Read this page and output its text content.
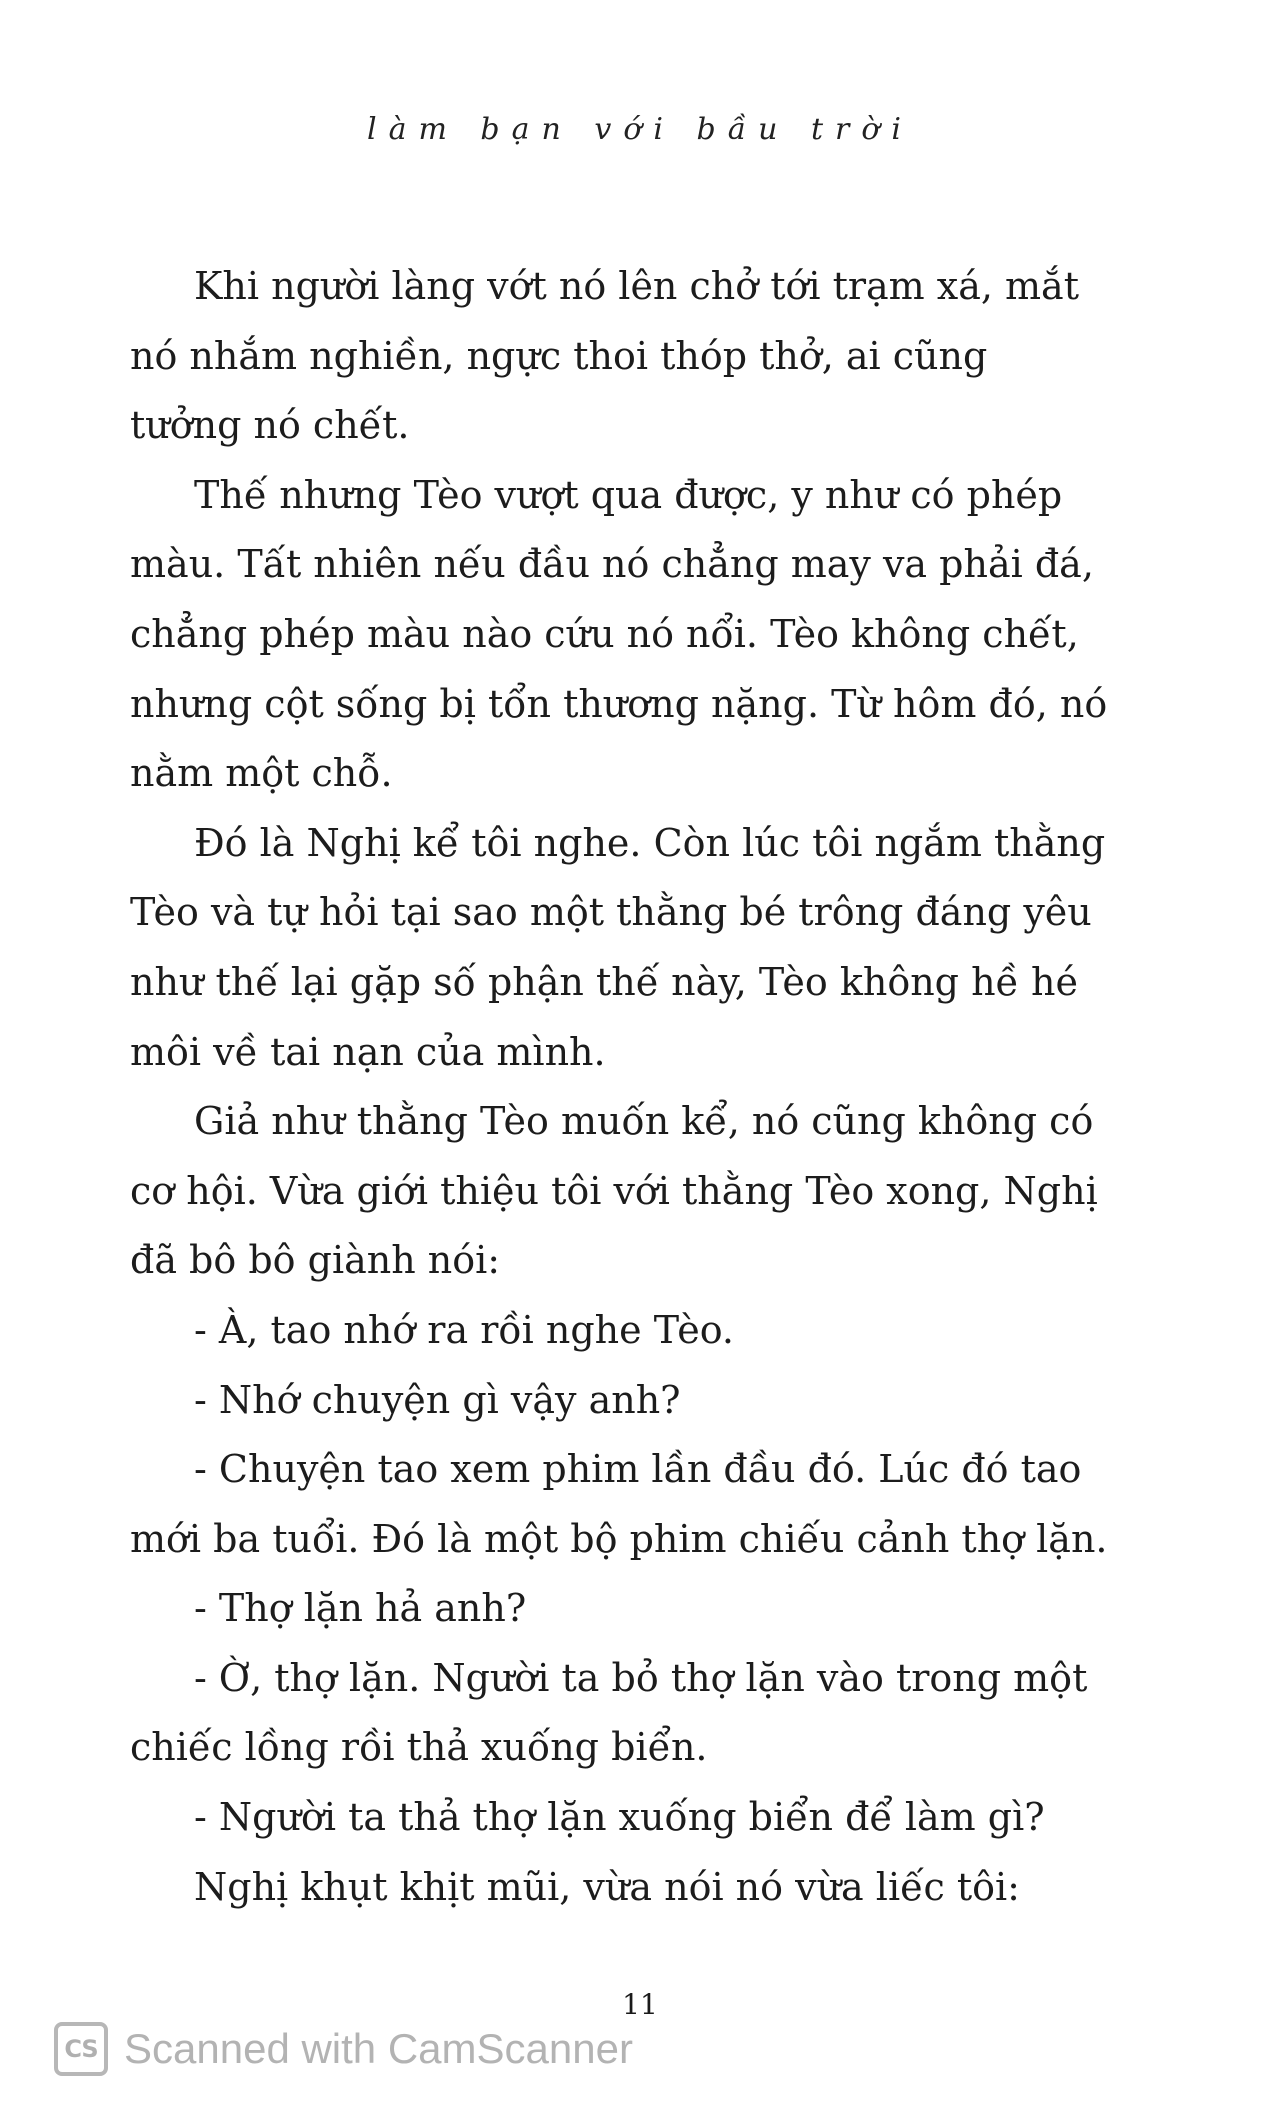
làm bạn với bầu trời

Khi người làng vớt nó lên chở tới trạm xá, mắt nó nhắm nghiền, ngực thoi thóp thở, ai cũng tưởng nó chết.

Thế nhưng Tèo vượt qua được, y như có phép màu. Tất nhiên nếu đầu nó chẳng may va phải đá, chẳng phép màu nào cứu nó nổi. Tèo không chết, nhưng cột sống bị tổn thương nặng. Từ hôm đó, nó nằm một chỗ.

Đó là Nghị kể tôi nghe. Còn lúc tôi ngắm thằng Tèo và tự hỏi tại sao một thằng bé trông đáng yêu như thế lại gặp số phận thế này, Tèo không hề hé môi về tai nạn của mình.

Giả như thằng Tèo muốn kể, nó cũng không có cơ hội. Vừa giới thiệu tôi với thằng Tèo xong, Nghị đã bô bô giành nói:

- À, tao nhớ ra rồi nghe Tèo.

- Nhớ chuyện gì vậy anh?

- Chuyện tao xem phim lần đầu đó. Lúc đó tao mới ba tuổi. Đó là một bộ phim chiếu cảnh thợ lặn.

- Thợ lặn hả anh?

- Ờ, thợ lặn. Người ta bỏ thợ lặn vào trong một chiếc lồng rồi thả xuống biển.

- Người ta thả thợ lặn xuống biển để làm gì?

Nghị khụt khịt mũi, vừa nói nó vừa liếc tôi:

11
CS Scanned with CamScanner
